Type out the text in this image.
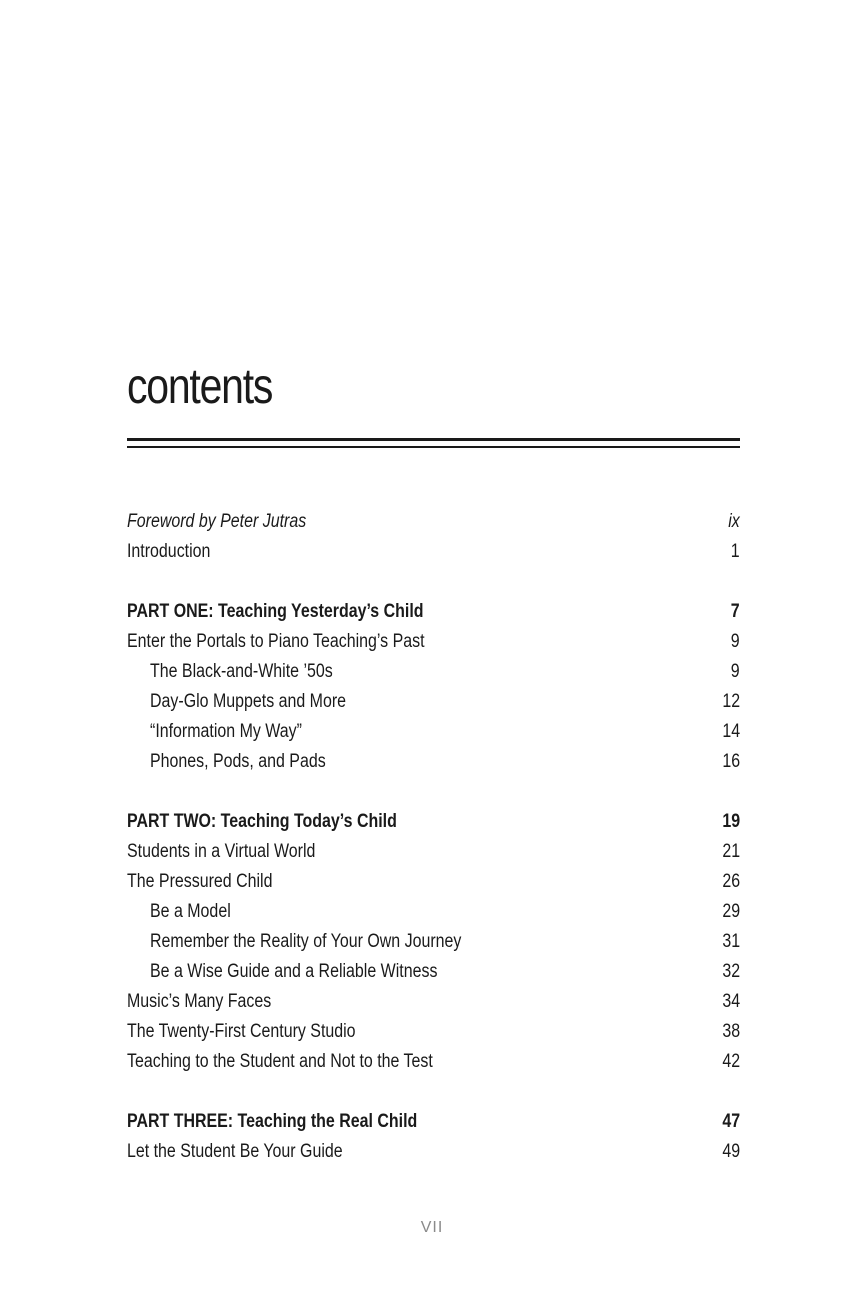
contents
Foreword by Peter Jutras	ix
Introduction	1
PART ONE: Teaching Yesterday’s Child	7
Enter the Portals to Piano Teaching’s Past	9
The Black-and-White ’50s	9
Day-Glo Muppets and More	12
“Information My Way”	14
Phones, Pods, and Pads	16
PART TWO: Teaching Today’s Child	19
Students in a Virtual World	21
The Pressured Child	26
Be a Model	29
Remember the Reality of Your Own Journey	31
Be a Wise Guide and a Reliable Witness	32
Music’s Many Faces	34
The Twenty-First Century Studio	38
Teaching to the Student and Not to the Test	42
PART THREE: Teaching the Real Child	47
Let the Student Be Your Guide	49
VII
